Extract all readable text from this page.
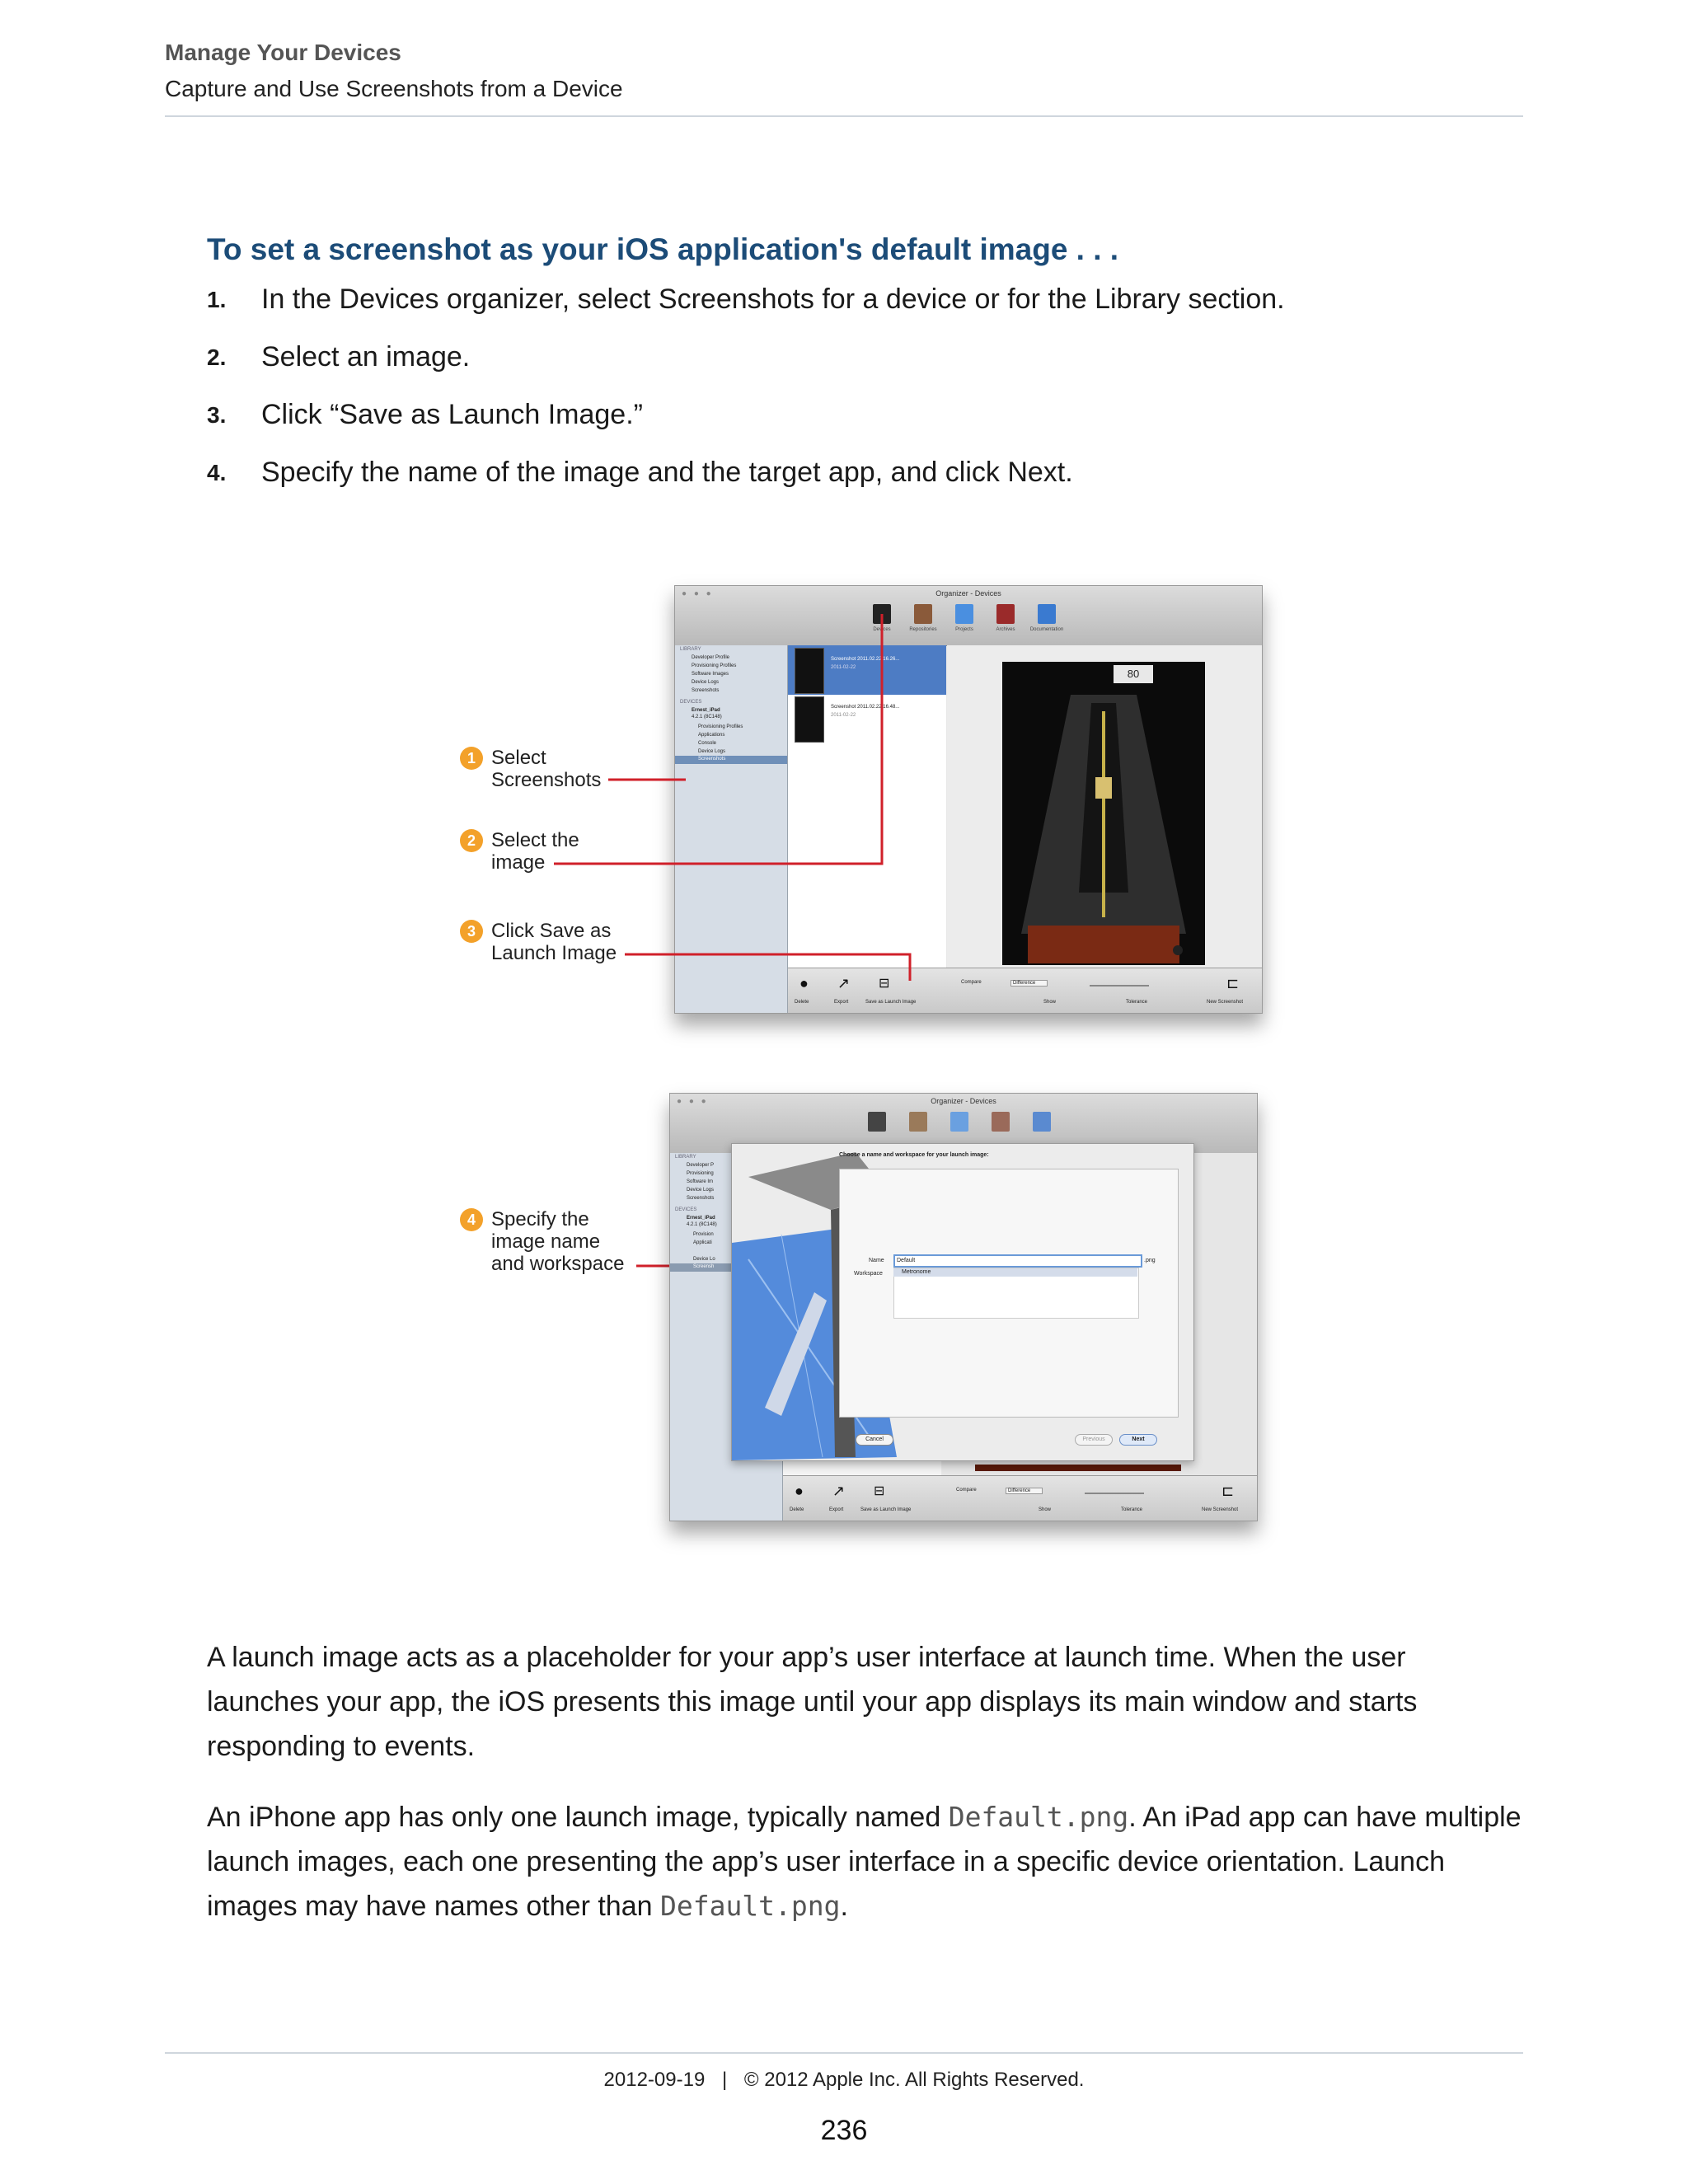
Manage Your Devices
Capture and Use Screenshots from a Device
To set a screenshot as your iOS application's default image . . .
1. In the Devices organizer, select Screenshots for a device or for the Library section.
2. Select an image.
3. Click “Save as Launch Image.”
4. Specify the name of the image and the target app, and click Next.
● ● ●	Organizer - Devices
Devices	Repositories	Projects	Archives	Documentation
LIBRARY
Developer Profile
Provisioning Profiles
Software Images
Device Logs
Screenshots
DEVICES
Ernest_iPad
4.2.1 (8C148)
Provisioning Profiles
Applications
Console
Device Logs
Screenshots
Screenshot 2011.02.22 16.26...
2011-02-22
Screenshot 2011.02.22 16.48...
2011-02-22
80
● ↗ ⊟
Delete	Export	Save as Launch Image
Compare	Difference
Show	Tolerance
⊏
New Screenshot
1 Select
Screenshots
2 Select the
image
3 Click Save as
Launch Image
● ● ●	Organizer - Devices
LIBRARY
Developer P
Provisioning
Software Im
Device Logs
Screenshots
DEVICES
Ernest_iPad
4.2.1 (8C148)
Provision
Applicati
Device Lo
Screensh
Choose a name and workspace for your launch image:
Name	Default	.png
Workspace	Metronome
Cancel	Previous	Next
● ↗ ⊟
Delete	Export	Save as Launch Image
Compare	Difference
Show	Tolerance
⊏
New Screenshot
4 Specify the
image name
and workspace
A launch image acts as a placeholder for your app’s user interface at launch time. When the user launches your app, the iOS presents this image until your app displays its main window and starts responding to events.
An iPhone app has only one launch image, typically named Default.png. An iPad app can have multiple launch images, each one presenting the app’s user interface in a specific device orientation. Launch images may have names other than Default.png.
2012-09-19 | © 2012 Apple Inc. All Rights Reserved.
236
